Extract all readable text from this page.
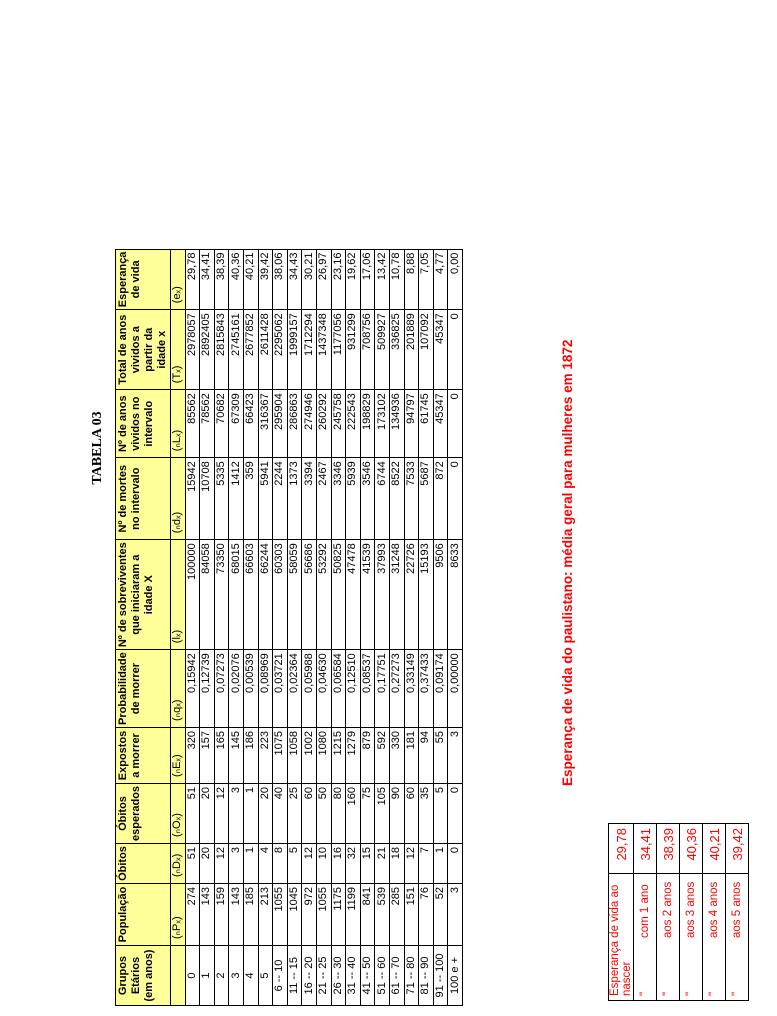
TABELA 03
Grupos Etários (em anos)	População	Óbitos	Óbitos esperados	Expostos a morrer	Probabilidade de morrer	Nº de sobreviventes que iniciaram a idade X	Nº de mortes no intervalo	Nº de anos vividos no intervalo	Total de anos vividos a partir da idade x	Esperança de vida
	(ₙPₓ)	(ₙDₓ)	(ₙOₓ)	(ₙEₓ)	(ₙqₓ)	(lₓ)	(ₙdₓ)	(ₙLₓ)	(Tₓ)	(eₓ)
0	274	51	51	320	0,15942	100000	15942	85562	2978057	29,78
1	143	20	20	157	0,12739	84058	10708	78562	2892405	34,41
2	159	12	12	165	0,07273	73350	5335	70682	2815843	38,39
3	143	3	3	145	0,02076	68015	1412	67309	2745161	40,36
4	185	1	1	186	0,00539	66603	359	66423	2677852	40,21
5	213	4	20	223	0,08969	66244	5941	316367	2611428	39,42
6 -- 10	1055	8	40	1075	0,03721	60303	2244	295904	2295062	38,06
11 -- 15	1045	5	25	1058	0,02364	58059	1373	286863	1999157	34,43
16 -- 20	972	12	60	1002	0,05988	56686	3394	274946	1712294	30,21
21 -- 25	1055	10	50	1080	0,04630	53292	2467	260292	1437348	26,97
26 -- 30	1175	16	80	1215	0,06584	50825	3346	245758	1177056	23,16
31 -- 40	1199	32	160	1279	0,12510	47478	5939	222543	931299	19,62
41 -- 50	841	15	75	879	0,08537	41539	3546	198829	708756	17,06
51 -- 60	539	21	105	592	0,17751	37993	6744	173102	509927	13,42
61 -- 70	285	18	90	330	0,27273	31248	8522	134936	336825	10,78
71 -- 80	151	12	60	181	0,33149	22726	7533	94797	201889	8,88
81 -- 90	76	7	35	94	0,37433	15193	5687	61745	107092	7,05
91 -- 100	52	1	5	55	0,09174	9506	872	45347	45347	4,77
100 e +	3	0	0	3	0,00000	8633	0	0	0	0,00
Esperança de vida do paulistano: média geral para mulheres em 1872
Esperança de vida ao nascer	29,78
"com 1 ano	34,41
"aos 2 anos	38,39
"aos 3 anos	40,36
"aos 4 anos	40,21
"aos 5 anos	39,42
